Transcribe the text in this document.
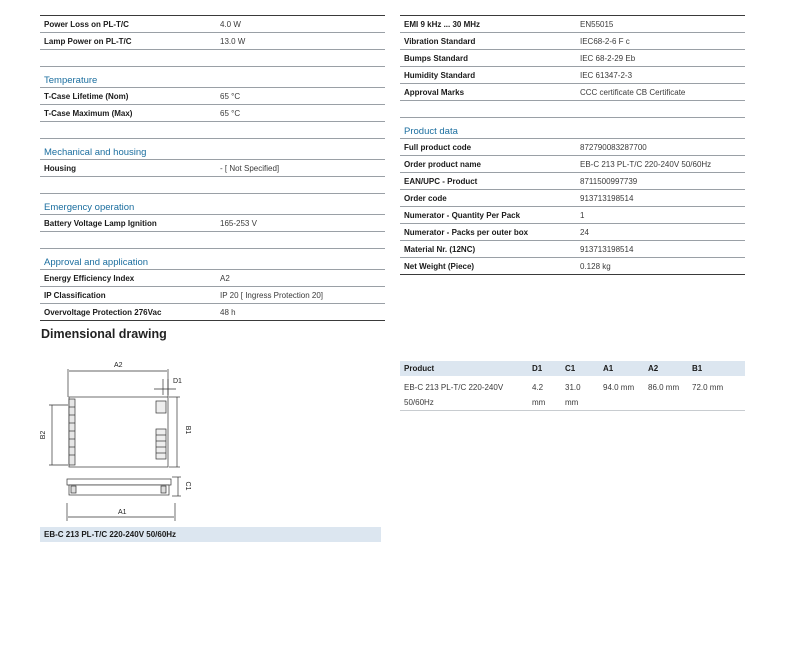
Power Loss on PL-T/C	4.0 W
Lamp Power on PL-T/C	13.0 W

Temperature	
T-Case Lifetime (Nom)	65 °C
T-Case Maximum (Max)	65 °C

Mechanical and housing	
Housing	- [ Not Specified]

Emergency operation	
Battery Voltage Lamp Ignition	165-253 V

Approval and application	
Energy Efficiency Index	A2
IP Classification	IP 20 [ Ingress Protection 20]
Overvoltage Protection 276Vac	48 h
EMI 9 kHz ... 30 MHz	EN55015
Vibration Standard	IEC68-2-6 F c
Bumps Standard	IEC 68-2-29 Eb
Humidity Standard	IEC 61347-2-3
Approval Marks	CCC certificate CB Certificate

Product data	
Full product code	872790083287700
Order product name	EB-C 213 PL-T/C 220-240V 50/60Hz
EAN/UPC - Product	8711500997739
Order code	913713198514
Numerator - Quantity Per Pack	1
Numerator - Packs per outer box	24
Material Nr. (12NC)	913713198514
Net Weight (Piece)	0.128 kg
Dimensional drawing
A2
D1
B2
B1
C1
A1
EB-C 213 PL-T/C 220-240V 50/60Hz
Product	D1	C1	A1	A2	B1
EB-C 213 PL-T/C 220-240V 50/60Hz	4.2 mm	31.0 mm	94.0 mm	86.0 mm	72.0 mm
